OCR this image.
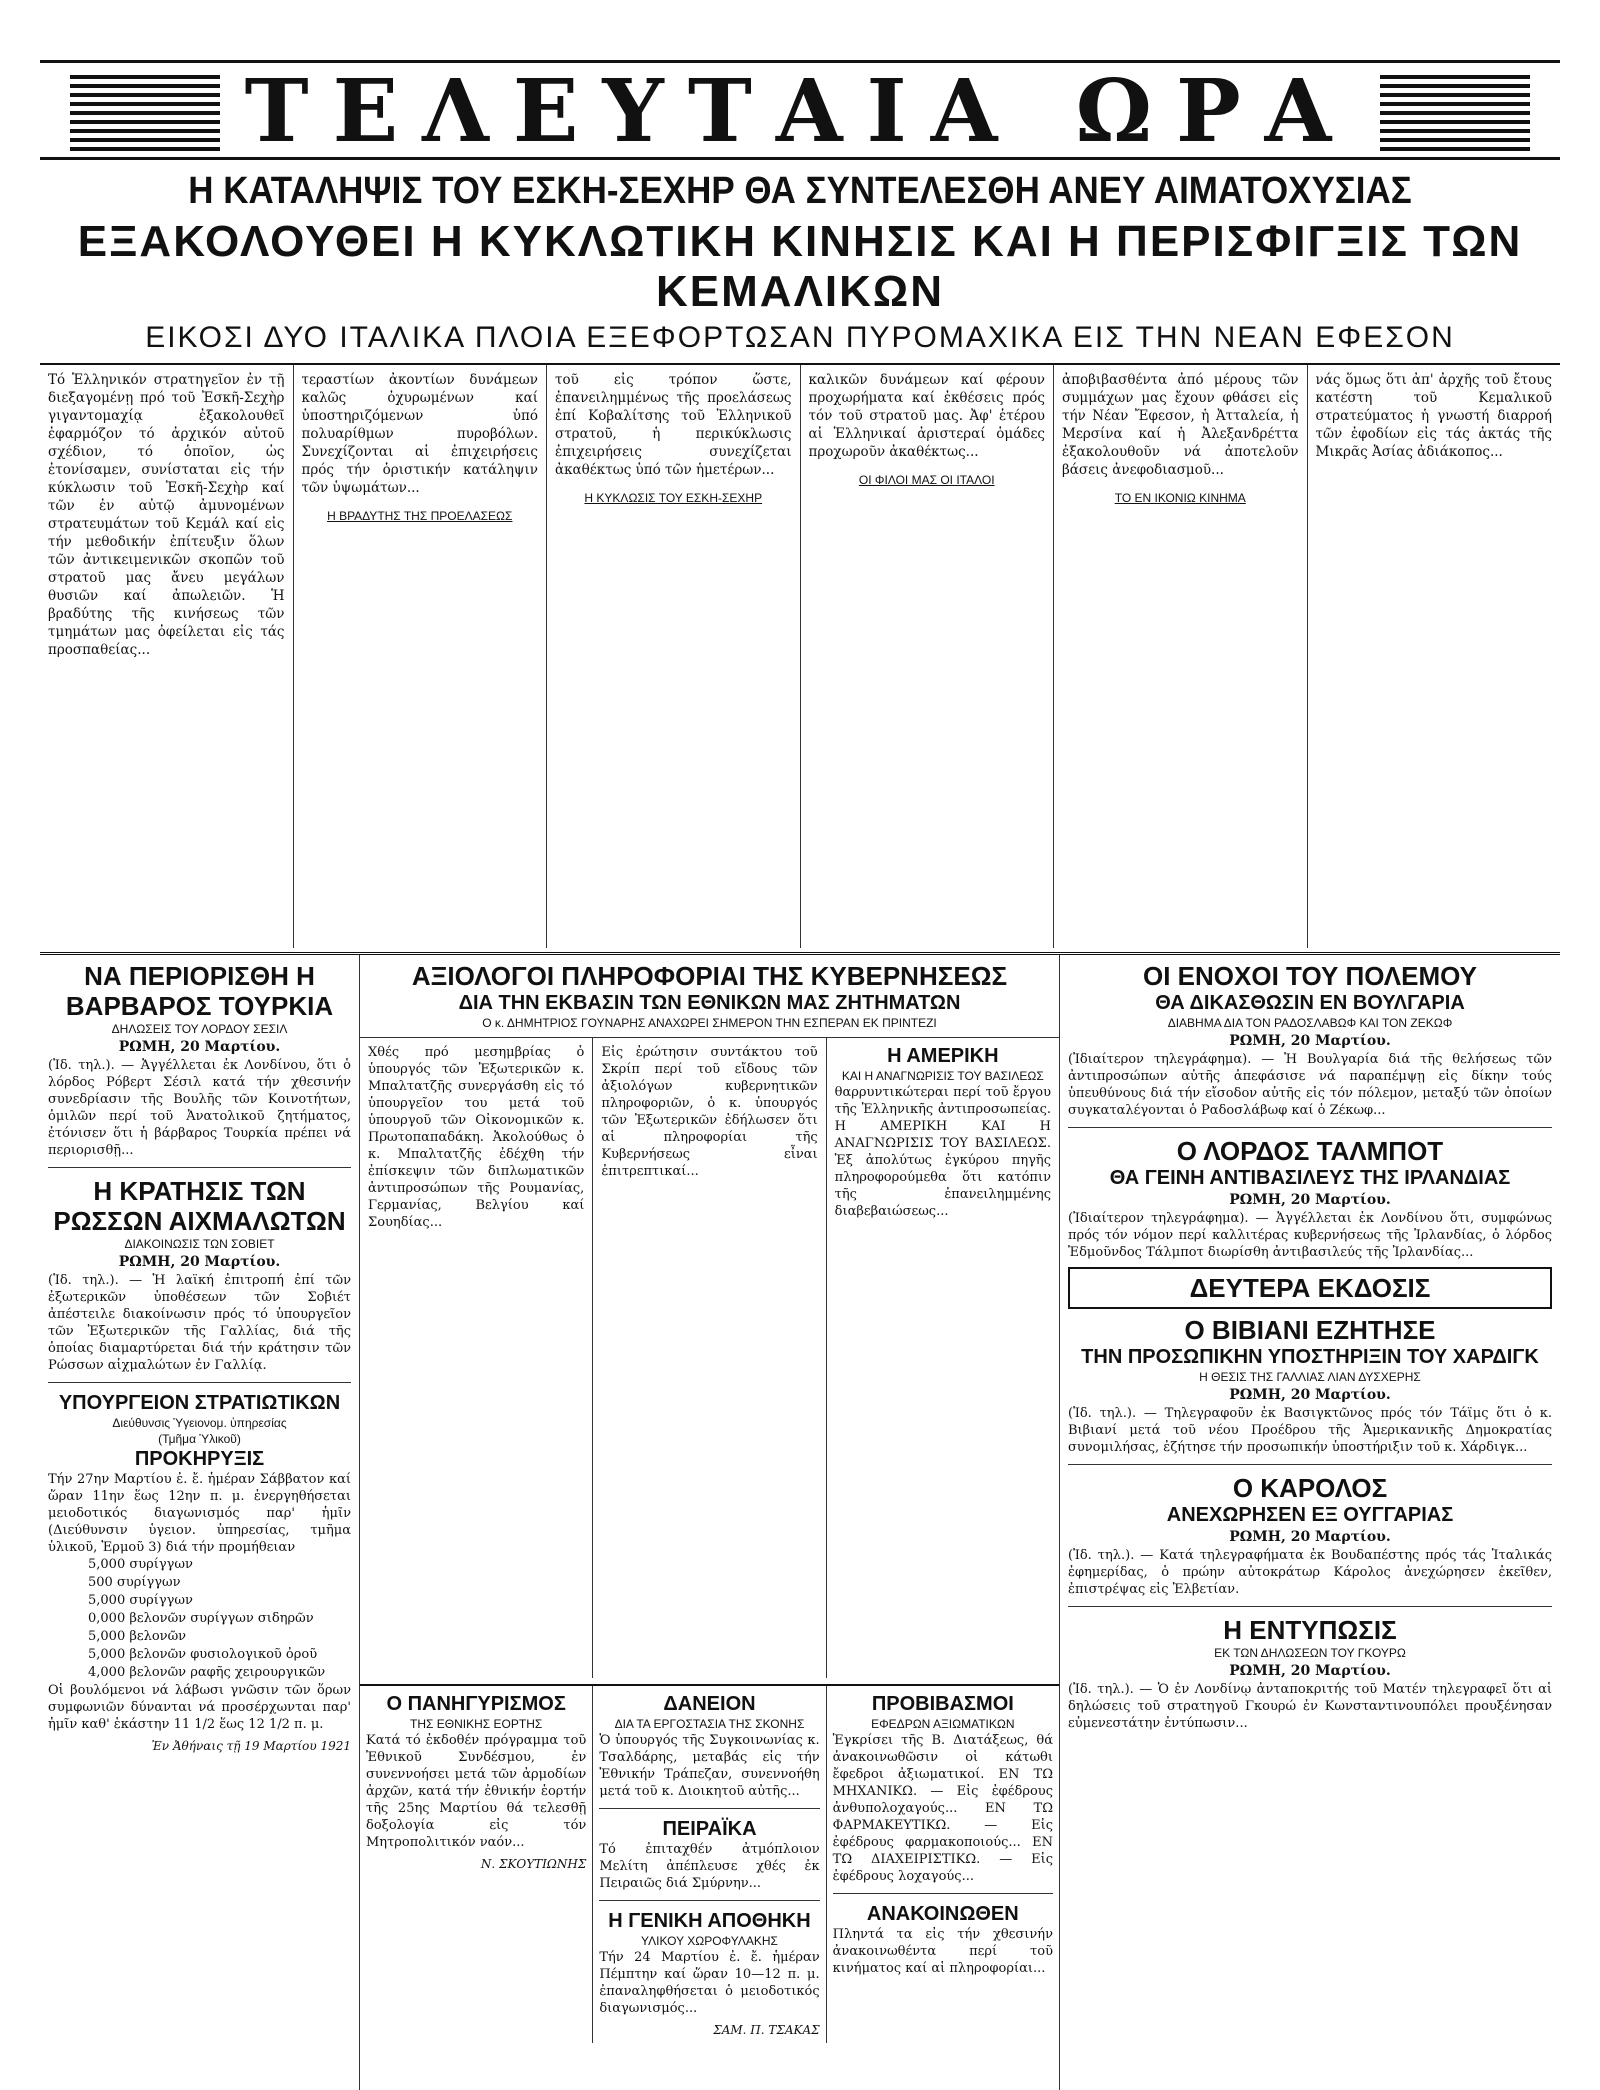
ΤΕΛΕΥΤΑΙΑ ΩΡΑ
Η ΚΑΤΑΛΗΨΙΣ ΤΟΥ ΕΣΚΗ-ΣΕΧΗΡ ΘΑ ΣΥΝΤΕΛΕΣΘΗ ΑΝΕΥ ΑΙΜΑΤΟΧΥΣΙΑΣ
ΕΞΑΚΟΛΟΥΘΕΙ Η ΚΥΚΛΩΤΙΚΗ ΚΙΝΗΣΙΣ ΚΑΙ Η ΠΕΡΙΣΦΙΓΞΙΣ ΤΩΝ ΚΕΜΑΛΙΚΩΝ
ΕΙΚΟΣΙ ΔΥΟ ΙΤΑΛΙΚΑ ΠΛΟΙΑ ΕΞΕΦΟΡΤΩΣΑΝ ΠΥΡΟΜΑΧΙΚΑ ΕΙΣ ΤΗΝ ΝΕΑΝ ΕΦΕΣΟΝ
Τό Ἑλληνικόν στρατηγεῖον ἐν τῇ διεξαγομένῃ πρό τοῦ Ἐσκῆ-Σεχὴρ γιγαντομαχίᾳ ἐξακολουθεῖ ἐφαρμόζον τό ἀρχικόν αὐτοῦ σχέδιον, τό ὁποῖον, ὡς ἐτονίσαμεν, συνίσταται εἰς τήν κύκλωσιν τοῦ Ἐσκῆ-Σεχὴρ καί τῶν ἐν αὐτῷ ἀμυνομένων στρατευμάτων τοῦ Κεμάλ καί εἰς τήν μεθοδικήν ἐπίτευξιν ὅλων τῶν ἀντικειμενικῶν σκοπῶν τοῦ στρατοῦ μας ἄνευ μεγάλων θυσιῶν καί ἀπωλειῶν. Ἡ βραδύτης τῆς κινήσεως τῶν τμημάτων μας ὀφείλεται εἰς τάς προσπαθείας...
τεραστίων ἀκοντίων δυνάμεων καλῶς ὀχυρωμένων καί ὑποστηριζόμενων ὑπό πολυαρίθμων πυροβόλων. Συνεχίζονται αἱ ἐπιχειρήσεις πρός τήν ὁριστικήν κατάληψιν τῶν ὑψωμάτων...
Η ΒΡΑΔΥΤΗΣ ΤΗΣ ΠΡΟΕΛΑΣΕΩΣ
τοῦ εἰς τρόπον ὥστε, ἐπανειλημμένως τῆς προελάσεως ἐπί Κοβαλίτσης τοῦ Ἑλληνικοῦ στρατοῦ, ἡ περικύκλωσις ἐπιχειρήσεις συνεχίζεται ἀκαθέκτως ὑπό τῶν ἡμετέρων...
Η ΚΥΚΛΩΣΙΣ ΤΟΥ ΕΣΚΗ-ΣΕΧΗΡ
καλικῶν δυνάμεων καί φέρουν προχωρήματα καί ἐκθέσεις πρός τόν τοῦ στρατοῦ μας. Ἀφ' ἑτέρου αἱ Ἑλληνικαί ἀριστεραί ὁμάδες προχωροῦν ἀκαθέκτως...
ΟΙ ΦΙΛΟΙ ΜΑΣ ΟΙ ΙΤΑΛΟΙ
ἀποβιβασθέντα ἀπό μέρους τῶν συμμάχων μας ἔχουν φθάσει εἰς τήν Νέαν Ἔφεσον, ἡ Ἀτταλεία, ἡ Μερσίνα καί ἡ Ἀλεξανδρέττα ἐξακολουθοῦν νά ἀποτελοῦν βάσεις ἀνεφοδιασμοῦ...
ΤΟ ΕΝ ΙΚΟΝΙΩ ΚΙΝΗΜΑ
νάς ὅμως ὅτι ἀπ' ἀρχῆς τοῦ ἔτους κατέστη τοῦ Κεμαλικοῦ στρατεύματος ἡ γνωστή διαρροή τῶν ἐφοδίων εἰς τάς ἀκτάς τῆς Μικρᾶς Ἀσίας ἀδιάκοπος...
ΝΑ ΠΕΡΙΟΡΙΣΘΗ Η ΒΑΡΒΑΡΟΣ ΤΟΥΡΚΙΑ
ΔΗΛΩΣΕΙΣ ΤΟΥ ΛΟΡΔΟΥ ΣΕΣΙΛ
ΡΩΜΗ, 20 Μαρτίου.
(Ἰδ. τηλ.). — Ἀγγέλλεται ἐκ Λονδίνου, ὅτι ὁ λόρδος Ρόβερτ Σέσιλ κατά τήν χθεσινήν συνεδρίασιν τῆς Βουλῆς τῶν Κοινοτήτων, ὁμιλῶν περί τοῦ Ἀνατολικοῦ ζητήματος, ἐτόνισεν ὅτι ἡ βάρβαρος Τουρκία πρέπει νά περιορισθῇ...
Η ΚΡΑΤΗΣΙΣ ΤΩΝ ΡΩΣΣΩΝ ΑΙΧΜΑΛΩΤΩΝ
ΔΙΑΚΟΙΝΩΣΙΣ ΤΩΝ ΣΟΒΙΕΤ
ΡΩΜΗ, 20 Μαρτίου.
(Ἰδ. τηλ.). — Ἡ λαϊκή ἐπιτροπή ἐπί τῶν ἐξωτερικῶν ὑποθέσεων τῶν Σοβιέτ ἀπέστειλε διακοίνωσιν πρός τό ὑπουργεῖον τῶν Ἐξωτερικῶν τῆς Γαλλίας, διά τῆς ὁποίας διαμαρτύρεται διά τήν κράτησιν τῶν Ρώσσων αἰχμαλώτων ἐν Γαλλίᾳ.
ΥΠΟΥΡΓΕΙΟΝ ΣΤΡΑΤΙΩΤΙΚΩΝ
Διεύθυνσις Ὑγειονομ. ὑπηρεσίας
(Τμῆμα Ὑλικοῦ)
ΠΡΟΚΗΡΥΞΙΣ
Τήν 27ην Μαρτίου ἐ. ἔ. ἡμέραν Σάββατον καί ὥραν 11ην ἕως 12ην π. μ. ἐνεργηθήσεται μειοδοτικός διαγωνισμός παρ' ἡμῖν (Διεύθυνσιν ὑγειον. ὑπηρεσίας, τμῆμα ὑλικοῦ, Ἑρμοῦ 3) διά τήν προμήθειαν
5,000 συρίγγων
500 συρίγγων
5,000 συρίγγων
0,000 βελονῶν συρίγγων σιδηρῶν
5,000 βελονῶν
5,000 βελονῶν φυσιολογικοῦ ὀροῦ
4,000 βελονῶν ραφῆς χειρουργικῶν
Οἱ βουλόμενοι νά λάβωσι γνῶσιν τῶν ὅρων συμφωνιῶν δύνανται νά προσέρχωνται παρ' ἡμῖν καθ' ἑκάστην 11 1/2 ἕως 12 1/2 π. μ.
Ἐν Ἀθήναις τῇ 19 Μαρτίου 1921
ΑΞΙΟΛΟΓΟΙ ΠΛΗΡΟΦΟΡΙΑΙ ΤΗΣ ΚΥΒΕΡΝΗΣΕΩΣ
ΔΙΑ ΤΗΝ ΕΚΒΑΣΙΝ ΤΩΝ ΕΘΝΙΚΩΝ ΜΑΣ ΖΗΤΗΜΑΤΩΝ
Ο κ. ΔΗΜΗΤΡΙΟΣ ΓΟΥΝΑΡΗΣ ΑΝΑΧΩΡΕΙ ΣΗΜΕΡΟΝ ΤΗΝ ΕΣΠΕΡΑΝ ΕΚ ΠΡΙΝΤΕΖΙ
Χθές πρό μεσημβρίας ὁ ὑπουργός τῶν Ἐξωτερικῶν κ. Μπαλτατζῆς συνεργάσθη εἰς τό ὑπουργεῖον του μετά τοῦ ὑπουργοῦ τῶν Οἰκονομικῶν κ. Πρωτοπαπαδάκη. Ἀκολούθως ὁ κ. Μπαλτατζῆς ἐδέχθη τήν ἐπίσκεψιν τῶν διπλωματικῶν ἀντιπροσώπων τῆς Ρουμανίας, Γερμανίας, Βελγίου καί Σουηδίας...
Εἰς ἐρώτησιν συντάκτου τοῦ Σκρίπ περί τοῦ εἴδους τῶν ἀξιολόγων κυβερνητικῶν πληροφοριῶν, ὁ κ. ὑπουργός τῶν Ἐξωτερικῶν ἐδήλωσεν ὅτι αἱ πληροφορίαι τῆς Κυβερνήσεως εἶναι ἐπιτρεπτικαί...
Η ΑΜΕΡΙΚΗ
ΚΑΙ Η ΑΝΑΓΝΩΡΙΣΙΣ ΤΟΥ ΒΑΣΙΛΕΩΣ
θαρρυντικώτεραι περί τοῦ ἔργου τῆς Ἑλληνικῆς ἀντιπροσωπείας. Η ΑΜΕΡΙΚΗ ΚΑΙ Η ΑΝΑΓΝΩΡΙΣΙΣ ΤΟΥ ΒΑΣΙΛΕΩΣ. Ἐξ ἀπολύτως ἐγκύρου πηγῆς πληροφορούμεθα ὅτι κατόπιν τῆς ἐπανειλημμένης διαβεβαιώσεως...
Ο ΠΑΝΗΓΥΡΙΣΜΟΣ
ΤΗΣ ΕΘΝΙΚΗΣ ΕΟΡΤΗΣ
Κατά τό ἐκδοθέν πρόγραμμα τοῦ Ἐθνικοῦ Συνδέσμου, ἐν συνεννοήσει μετά τῶν ἀρμοδίων ἀρχῶν, κατά τήν ἐθνικήν ἑορτήν τῆς 25ης Μαρτίου θά τελεσθῇ δοξολογία εἰς τόν Μητροπολιτικόν ναόν...
Ν. ΣΚΟΥΤΙΩΝΗΣ
ΔΑΝΕΙΟΝ
ΔΙΑ ΤΑ ΕΡΓΟΣΤΑΣΙΑ ΤΗΣ ΣΚΟΝΗΣ
Ὁ ὑπουργός τῆς Συγκοινωνίας κ. Τσαλδάρης, μεταβάς εἰς τήν Ἐθνικήν Τράπεζαν, συνεννοήθη μετά τοῦ κ. Διοικητοῦ αὐτῆς...
ΠΕΙΡΑΪΚΑ
Τό ἐπιταχθέν ἀτμόπλοιον Μελίτη ἀπέπλευσε χθές ἐκ Πειραιῶς διά Σμύρνην...
Η ΓΕΝΙΚΗ ΑΠΟΘΗΚΗ
ΥΛΙΚΟΥ ΧΩΡΟΦΥΛΑΚΗΣ
Τήν 24 Μαρτίου ἐ. ἔ. ἡμέραν Πέμπτην καί ὥραν 10—12 π. μ. ἐπαναληφθήσεται ὁ μειοδοτικός διαγωνισμός...
ΣΑΜ. Π. ΤΣΑΚΑΣ
ΠΡΟΒΙΒΑΣΜΟΙ
ΕΦΕΔΡΩΝ ΑΞΙΩΜΑΤΙΚΩΝ
Ἐγκρίσει τῆς Β. Διατάξεως, θά ἀνακοινωθῶσιν οἱ κάτωθι ἔφεδροι ἀξιωματικοί. ΕΝ ΤΩ ΜΗΧΑΝΙΚΩ. — Εἰς ἐφέδρους ἀνθυπολοχαγούς... ΕΝ ΤΩ ΦΑΡΜΑΚΕΥΤΙΚΩ. — Εἰς ἐφέδρους φαρμακοποιούς... ΕΝ ΤΩ ΔΙΑΧΕΙΡΙΣΤΙΚΩ. — Εἰς ἐφέδρους λοχαγούς...
ΑΝΑΚΟΙΝΩΘΕΝ
Πληντά τα εἰς τήν χθεσινήν ἀνακοινωθέντα περί τοῦ κινήματος καί αἱ πληροφορίαι...
ΟΙ ΕΝΟΧΟΙ ΤΟΥ ΠΟΛΕΜΟΥ
ΘΑ ΔΙΚΑΣΘΩΣΙΝ ΕΝ ΒΟΥΛΓΑΡΙΑ
ΔΙΑΒΗΜΑ ΔΙΑ ΤΟΝ ΡΑΔΟΣΛΑΒΩΦ ΚΑΙ ΤΟΝ ΖΕΚΩΦ
ΡΩΜΗ, 20 Μαρτίου.
(Ἰδιαίτερον τηλεγράφημα). — Ἡ Βουλγαρία διά τῆς θελήσεως τῶν ἀντιπροσώπων αὐτῆς ἀπεφάσισε νά παραπέμψῃ εἰς δίκην τούς ὑπευθύνους διά τήν εἴσοδον αὐτῆς εἰς τόν πόλεμον, μεταξύ τῶν ὁποίων συγκαταλέγονται ὁ Ραδοσλάβωφ καί ὁ Ζέκωφ...
Ο ΛΟΡΔΟΣ ΤΑΛΜΠΟΤ
ΘΑ ΓΕΙΝΗ ΑΝΤΙΒΑΣΙΛΕΥΣ ΤΗΣ ΙΡΛΑΝΔΙΑΣ
ΡΩΜΗ, 20 Μαρτίου.
(Ἰδιαίτερον τηλεγράφημα). — Ἀγγέλλεται ἐκ Λονδίνου ὅτι, συμφώνως πρός τόν νόμον περί καλλιτέρας κυβερνήσεως τῆς Ἰρλανδίας, ὁ λόρδος Ἐδμοῦνδος Τάλμποτ διωρίσθη ἀντιβασιλεύς τῆς Ἰρλανδίας...
ΔΕΥΤΕΡΑ ΕΚΔΟΣΙΣ
Ο ΒΙΒΙΑΝΙ ΕΖΗΤΗΣΕ
ΤΗΝ ΠΡΟΣΩΠΙΚΗΝ ΥΠΟΣΤΗΡΙΞΙΝ ΤΟΥ ΧΑΡΔΙΓΚ
Η ΘΕΣΙΣ ΤΗΣ ΓΑΛΛΙΑΣ ΛΙΑΝ ΔΥΣΧΕΡΗΣ
ΡΩΜΗ, 20 Μαρτίου.
(Ἰδ. τηλ.). — Τηλεγραφοῦν ἐκ Βασιγκτῶνος πρός τόν Τάϊμς ὅτι ὁ κ. Βιβιανί μετά τοῦ νέου Προέδρου τῆς Ἀμερικανικῆς Δημοκρατίας συνομιλήσας, ἐζήτησε τήν προσωπικήν ὑποστήριξιν τοῦ κ. Χάρδιγκ...
Ο ΚΑΡΟΛΟΣ
ΑΝΕΧΩΡΗΣΕΝ ΕΞ ΟΥΓΓΑΡΙΑΣ
ΡΩΜΗ, 20 Μαρτίου.
(Ἰδ. τηλ.). — Κατά τηλεγραφήματα ἐκ Βουδαπέστης πρός τάς Ἰταλικάς ἐφημερίδας, ὁ πρώην αὐτοκράτωρ Κάρολος ἀνεχώρησεν ἐκεῖθεν, ἐπιστρέψας εἰς Ἑλβετίαν.
Η ΕΝΤΥΠΩΣΙΣ
ΕΚ ΤΩΝ ΔΗΛΩΣΕΩΝ ΤΟΥ ΓΚΟΥΡΩ
ΡΩΜΗ, 20 Μαρτίου.
(Ἰδ. τηλ.). — Ὁ ἐν Λονδίνῳ ἀνταποκριτής τοῦ Ματέν τηλεγραφεῖ ὅτι αἱ δηλώσεις τοῦ στρατηγοῦ Γκουρώ ἐν Κωνσταντινουπόλει προυξένησαν εὐμενεστάτην ἐντύπωσιν...
